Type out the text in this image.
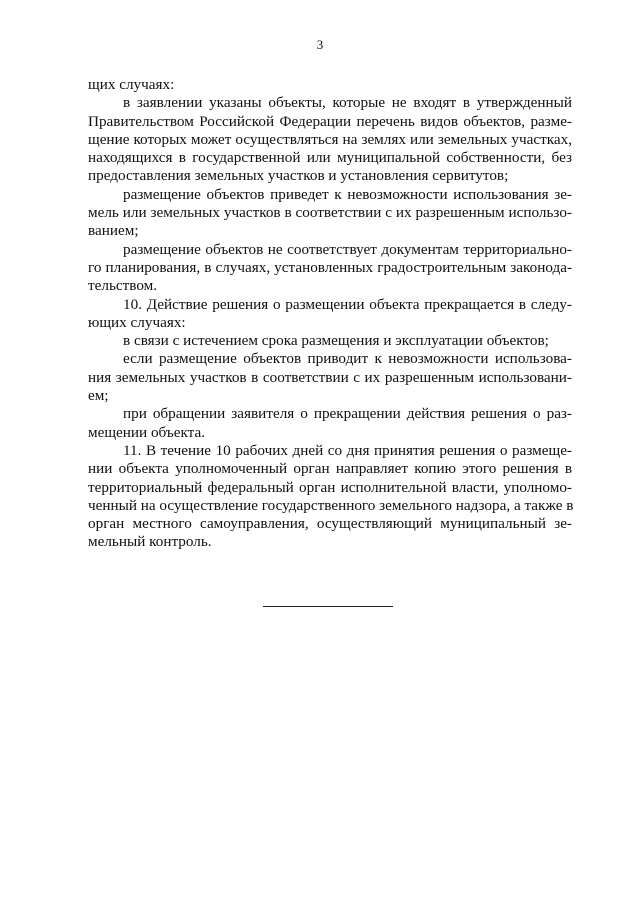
3
щих случаях:
в заявлении указаны объекты, которые не входят в утвержденный
Правительством Российской Федерации перечень видов объектов, разме-
щение которых может осуществляться на землях или земельных участках,
находящихся в государственной или муниципальной собственности, без
предоставления земельных участков и установления сервитутов;
размещение объектов приведет к невозможности использования зе-
мель или земельных участков в соответствии с их разрешенным использо-
ванием;
размещение объектов не соответствует документам территориально-
го планирования, в случаях, установленных градостроительным законода-
тельством.
10. Действие решения о размещении объекта прекращается в следу-
ющих случаях:
в связи с истечением срока размещения и эксплуатации объектов;
если размещение объектов приводит к невозможности использова-
ния земельных участков в соответствии с их разрешенным использовани-
ем;
при обращении заявителя о прекращении действия решения о раз-
мещении объекта.
11. В течение 10 рабочих дней со дня принятия решения о размеще-
нии объекта уполномоченный орган направляет копию этого решения в
территориальный федеральный орган исполнительной власти, уполномо-
ченный на осуществление государственного земельного надзора, а также в
орган местного самоуправления, осуществляющий муниципальный зе-
мельный контроль.
